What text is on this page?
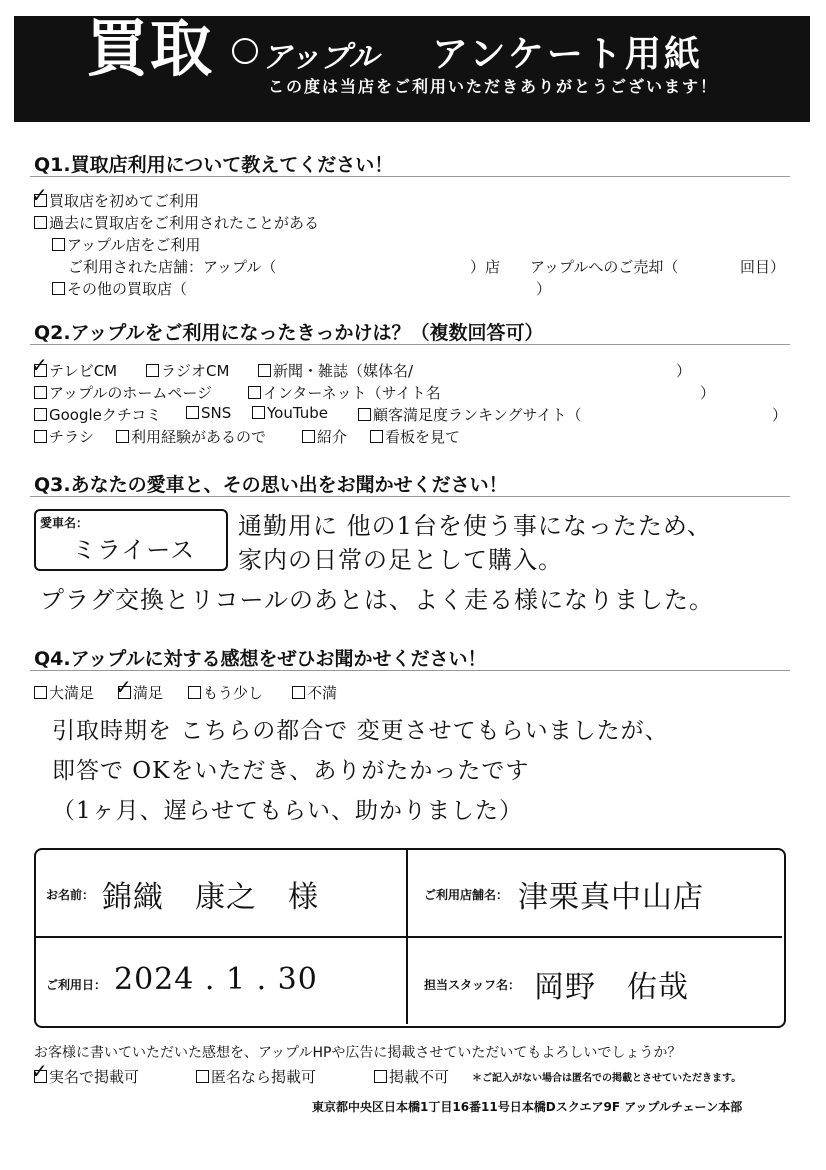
買取 アップル アンケート用紙
この度は当店をご利用いただきありがとうございます！
Q1.買取店利用について教えてください！
✓買取店を初めてご利用
過去に買取店をご利用されたことがある
アップル店をご利用
ご利用された店舗：アップル（	）店 アップルへのご売却（	回目）
その他の買取店（	）
Q2.アップルをご利用になったきっかけは？（複数回答可）
✓テレビCM	ラジオCM	新聞・雑誌（媒体名/	）
アップルのホームページ	インターネット（サイト名	）
Googleクチコミ	SNS	YouTube	顧客満足度ランキングサイト（	）
チラシ	利用経験があるので	紹介	看板を見て
Q3.あなたの愛車と、その思い出をお聞かせください！
愛車名：
ミライース
通勤用に 他の1台を使う事になったため、
家内の日常の足として購入。
プラグ交換とリコールのあとは、よく走る様になりました。
Q4.アップルに対する感想をぜひお聞かせください！
大満足
✓	満足	もう少し	不満
引取時期を こちらの都合で 変更させてもらいましたが、
即答で OKをいただき、ありがたかったです
（1ヶ月、遅らせてもらい、助かりました）
お名前： 錦織　康之　様	ご利用店舗名： 津栗真中山店
ご利用日： 2024 . 1 . 30	担当スタッフ名： 岡野　佑哉
お客様に書いていただいた感想を、アップルHPや広告に掲載させていただいてもよろしいでしょうか？
✓実名で掲載可	匿名なら掲載可	掲載不可 ＊ご記入がない場合は匿名での掲載とさせていただきます。
東京都中央区日本橋1丁目16番11号日本橋Dスクエア9F アップルチェーン本部
